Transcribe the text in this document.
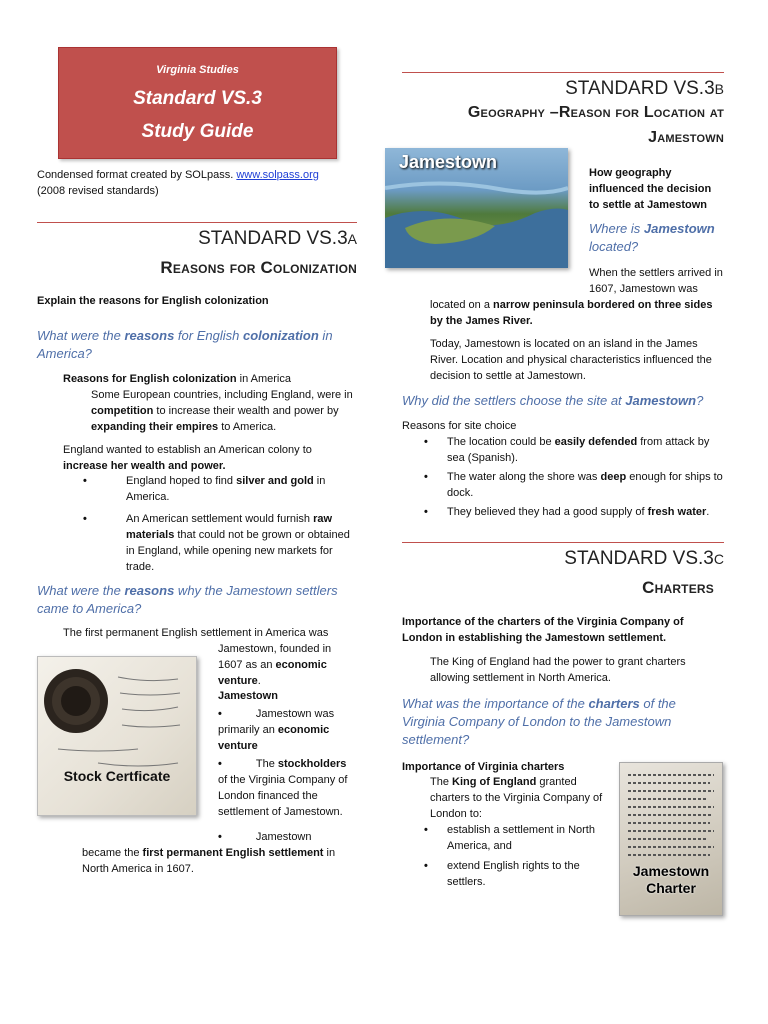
Virginia Studies
Standard VS.3
Study Guide
Condensed format created by SOLpass. www.solpass.org
(2008 revised standards)
STANDARD VS.3A
Reasons for Colonization
Explain the reasons for English colonization
What were the reasons for English colonization in America?
Reasons for English colonization in America
Some European countries, including England, were in competition to increase their wealth and power by expanding their empires to America.
England wanted to establish an American colony to increase her wealth and power.
•	England hoped to find silver and gold in America.
•	An American settlement would furnish raw materials that could not be grown or obtained in England, while opening new markets for trade.
What were the reasons why the Jamestown settlers came to America?
The first permanent English settlement in America was
Stock Certficate
Jamestown, founded in 1607 as an economic venture.
Jamestown
•	Jamestown was primarily an economic venture
•	The stockholders of the Virginia Company of London financed the settlement of Jamestown.
•	Jamestown
became the first permanent English settlement in North America in 1607.
STANDARD VS.3B
Geography –Reason for Location at
Jamestown
Jamestown
How geography influenced the decision to settle at Jamestown
Where is Jamestown located?
When the settlers arrived in 1607, Jamestown was
located on a narrow peninsula bordered on three sides by the James River.
Today, Jamestown is located on an island in the James River. Location and physical characteristics influenced the decision to settle at Jamestown.
Why did the settlers choose the site at Jamestown?
Reasons for site choice
• The location could be easily defended from attack by sea (Spanish).
• The water along the shore was deep enough for ships to dock.
• They believed they had a good supply of fresh water.
STANDARD VS.3C
Charters
Importance of the charters of the Virginia Company of London in establishing the Jamestown settlement.
The King of England had the power to grant charters allowing settlement in North America.
What was the importance of the charters of the Virginia Company of London to the Jamestown settlement?
Importance of Virginia charters
The King of England granted charters to the Virginia Company of London to:
• establish a settlement in North America, and
• extend English rights to the settlers.
Jamestown Charter
